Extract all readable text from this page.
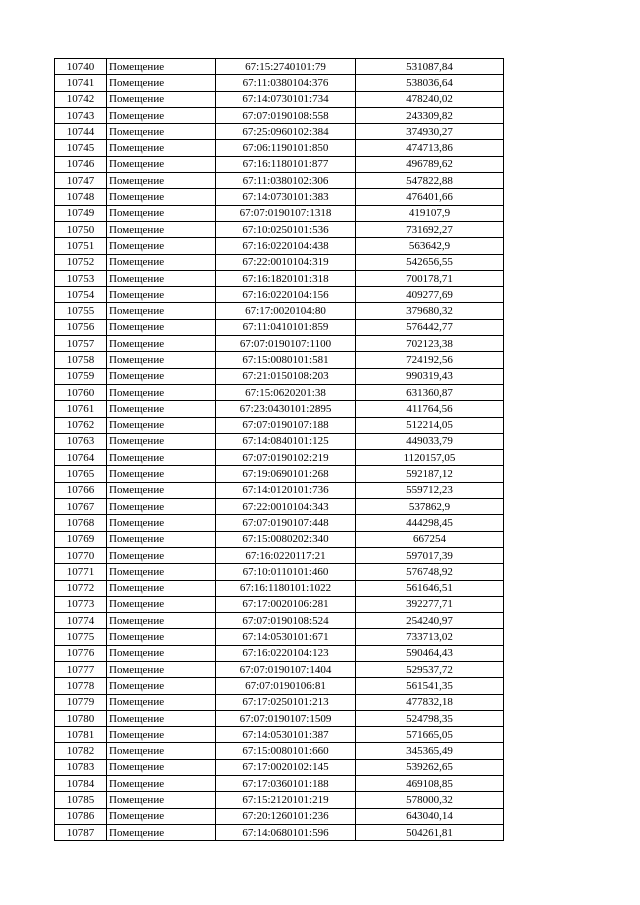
10740	Помещение	67:15:2740101:79	531087,84
10741	Помещение	67:11:0380104:376	538036,64
10742	Помещение	67:14:0730101:734	478240,02
10743	Помещение	67:07:0190108:558	243309,82
10744	Помещение	67:25:0960102:384	374930,27
10745	Помещение	67:06:1190101:850	474713,86
10746	Помещение	67:16:1180101:877	496789,62
10747	Помещение	67:11:0380102:306	547822,88
10748	Помещение	67:14:0730101:383	476401,66
10749	Помещение	67:07:0190107:1318	419107,9
10750	Помещение	67:10:0250101:536	731692,27
10751	Помещение	67:16:0220104:438	563642,9
10752	Помещение	67:22:0010104:319	542656,55
10753	Помещение	67:16:1820101:318	700178,71
10754	Помещение	67:16:0220104:156	409277,69
10755	Помещение	67:17:0020104:80	379680,32
10756	Помещение	67:11:0410101:859	576442,77
10757	Помещение	67:07:0190107:1100	702123,38
10758	Помещение	67:15:0080101:581	724192,56
10759	Помещение	67:21:0150108:203	990319,43
10760	Помещение	67:15:0620201:38	631360,87
10761	Помещение	67:23:0430101:2895	411764,56
10762	Помещение	67:07:0190107:188	512214,05
10763	Помещение	67:14:0840101:125	449033,79
10764	Помещение	67:07:0190102:219	1120157,05
10765	Помещение	67:19:0690101:268	592187,12
10766	Помещение	67:14:0120101:736	559712,23
10767	Помещение	67:22:0010104:343	537862,9
10768	Помещение	67:07:0190107:448	444298,45
10769	Помещение	67:15:0080202:340	667254
10770	Помещение	67:16:0220117:21	597017,39
10771	Помещение	67:10:0110101:460	576748,92
10772	Помещение	67:16:1180101:1022	561646,51
10773	Помещение	67:17:0020106:281	392277,71
10774	Помещение	67:07:0190108:524	254240,97
10775	Помещение	67:14:0530101:671	733713,02
10776	Помещение	67:16:0220104:123	590464,43
10777	Помещение	67:07:0190107:1404	529537,72
10778	Помещение	67:07:0190106:81	561541,35
10779	Помещение	67:17:0250101:213	477832,18
10780	Помещение	67:07:0190107:1509	524798,35
10781	Помещение	67:14:0530101:387	571665,05
10782	Помещение	67:15:0080101:660	345365,49
10783	Помещение	67:17:0020102:145	539262,65
10784	Помещение	67:17:0360101:188	469108,85
10785	Помещение	67:15:2120101:219	578000,32
10786	Помещение	67:20:1260101:236	643040,14
10787	Помещение	67:14:0680101:596	504261,81
